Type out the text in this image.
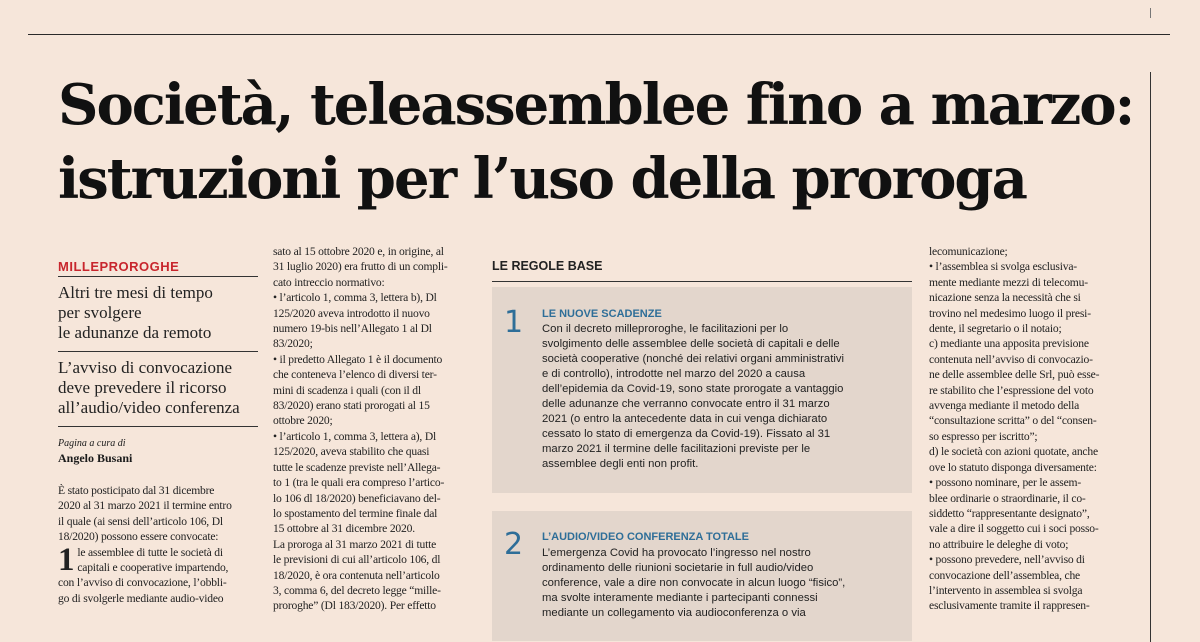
Società, teleassemblee fino a marzo:
istruzioni per l’uso della proroga
MILLEPROROGHE
Altri tre mesi di tempo
per svolgere
le adunanze da remoto
L’avviso di convocazione
deve prevedere il ricorso
all’audio/video conferenza
Pagina a cura di
Angelo Busani
È stato posticipato dal 31 dicembre
2020 al 31 marzo 2021 il termine entro
il quale (ai sensi dell’articolo 106, Dl
18/2020) possono essere convocate:
1 le assemblee di tutte le società di
capitali e cooperative impartendo,
con l’avviso di convocazione, l’obbli-
go di svolgerle mediante audio-video
sato al 15 ottobre 2020 e, in origine, al
31 luglio 2020) era frutto di un compli-
cato intreccio normativo:
• l’articolo 1, comma 3, lettera b), Dl
125/2020 aveva introdotto il nuovo
numero 19-bis nell’Allegato 1 al Dl
83/2020;
• il predetto Allegato 1 è il documento
che conteneva l’elenco di diversi ter-
mini di scadenza i quali (con il dl
83/2020) erano stati prorogati al 15
ottobre 2020;
• l’articolo 1, comma 3, lettera a), Dl
125/2020, aveva stabilito che quasi
tutte le scadenze previste nell’Allega-
to 1 (tra le quali era compreso l’artico-
lo 106 dl 18/2020) beneficiavano del-
lo spostamento del termine finale dal
15 ottobre al 31 dicembre 2020.
La proroga al 31 marzo 2021 di tutte
le previsioni di cui all’articolo 106, dl
18/2020, è ora contenuta nell’articolo
3, comma 6, del decreto legge “mille-
proroghe” (Dl 183/2020). Per effetto
LE REGOLE BASE
1 LE NUOVE SCADENZE
Con il decreto milleproroghe, le facilitazioni per lo
svolgimento delle assemblee delle società di capitali e delle
società cooperative (nonché dei relativi organi amministrativi
e di controllo), introdotte nel marzo del 2020 a causa
dell’epidemia da Covid-19, sono state prorogate a vantaggio
delle adunanze che verranno convocate entro il 31 marzo
2021 (o entro la antecedente data in cui venga dichiarato
cessato lo stato di emergenza da Covid-19). Fissato al 31
marzo 2021 il termine delle facilitazioni previste per le
assemblee degli enti non profit.
2 L’AUDIO/VIDEO CONFERENZA TOTALE
L’emergenza Covid ha provocato l’ingresso nel nostro
ordinamento delle riunioni societarie in full audio/video
conference, vale a dire non convocate in alcun luogo “fisico”,
ma svolte interamente mediante i partecipanti connessi
mediante un collegamento via audioconferenza o via
lecomunicazione;
• l’assemblea si svolga esclusiva-
mente mediante mezzi di telecomu-
nicazione senza la necessità che si
trovino nel medesimo luogo il presi-
dente, il segretario o il notaio;
c) mediante una apposita previsione
contenuta nell’avviso di convocazio-
ne delle assemblee delle Srl, può esse-
re stabilito che l’espressione del voto
avvenga mediante il metodo della
“consultazione scritta” o del “consen-
so espresso per iscritto”;
d) le società con azioni quotate, anche
ove lo statuto disponga diversamente:
• possono nominare, per le assem-
blee ordinarie o straordinarie, il co-
siddetto “rappresentante designato”,
vale a dire il soggetto cui i soci posso-
no attribuire le deleghe di voto;
• possono prevedere, nell’avviso di
convocazione dell’assemblea, che
l’intervento in assemblea si svolga
esclusivamente tramite il rappresen-
